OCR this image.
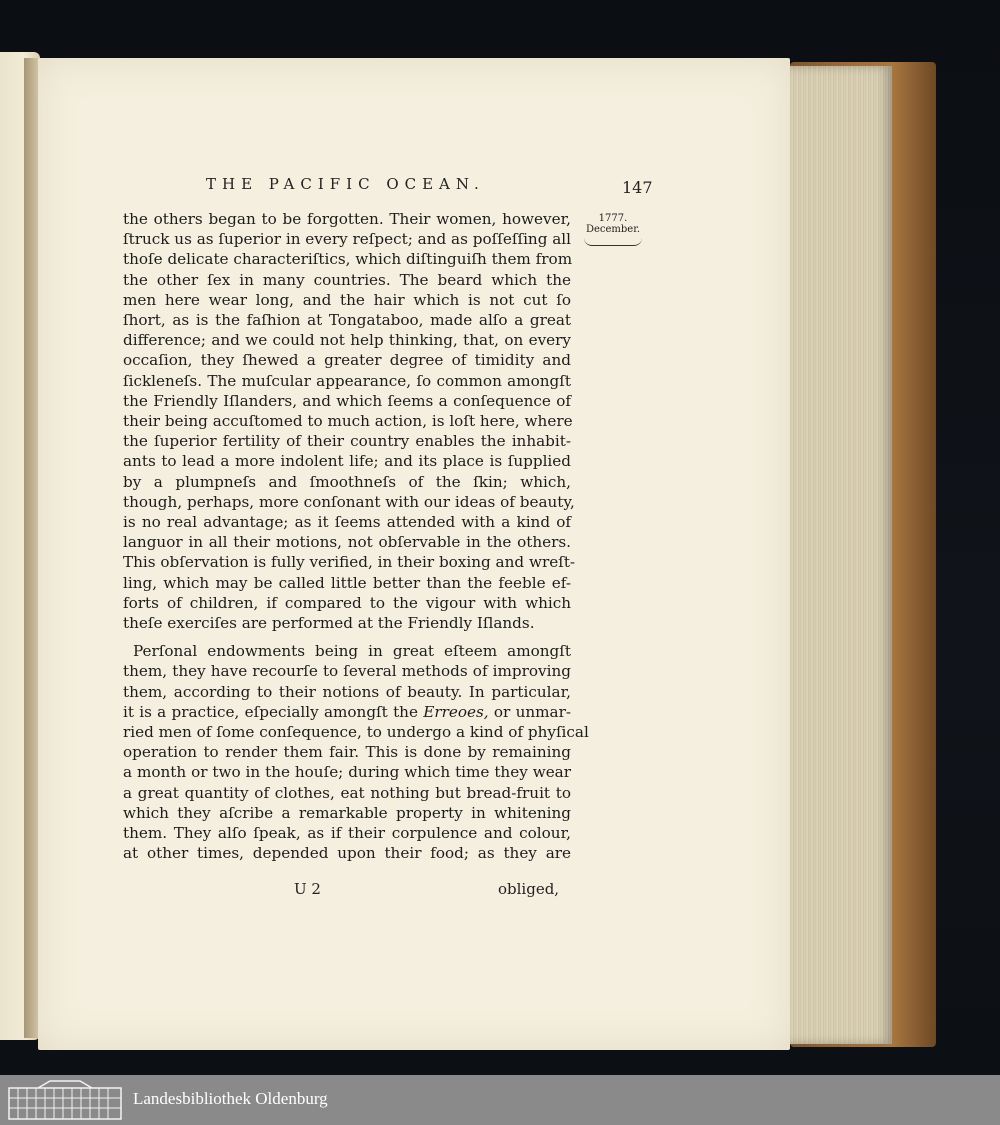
THE PACIFIC OCEAN.	147
1777.
December.
the others began to be forgotten. Their women, however,
ſtruck us as ſuperior in every reſpect; and as poſſeſſing all
thoſe delicate characteriſtics, which diſtinguiſh them from
the other ſex in many countries. The beard which the
men here wear long, and the hair which is not cut ſo
ſhort, as is the faſhion at Tongataboo, made alſo a great
difference; and we could not help thinking, that, on every
occaſion, they ſhewed a greater degree of timidity and
ſickleneſs. The muſcular appearance, ſo common amongſt
the Friendly Iſlanders, and which ſeems a conſequence of
their being accuſtomed to much action, is loſt here, where
the ſuperior fertility of their country enables the inhabit-
ants to lead a more indolent life; and its place is ſupplied
by a plumpneſs and ſmoothneſs of the ſkin; which,
though, perhaps, more conſonant with our ideas of beauty,
is no real advantage; as it ſeems attended with a kind of
languor in all their motions, not obſervable in the others.
This obſervation is fully verified, in their boxing and wreſt-
ling, which may be called little better than the feeble ef-
forts of children, if compared to the vigour with which
theſe exerciſes are performed at the Friendly Iſlands.
Perſonal endowments being in great eſteem amongſt
them, they have recourſe to ſeveral methods of improving
them, according to their notions of beauty. In particular,
it is a practice, eſpecially amongſt the Erreoes, or unmar-
ried men of ſome conſequence, to undergo a kind of phyſical
operation to render them fair. This is done by remaining
a month or two in the houſe; during which time they wear
a great quantity of clothes, eat nothing but bread-fruit to
which they aſcribe a remarkable property in whitening
them. They alſo ſpeak, as if their corpulence and colour,
at other times, depended upon their food; as they are
U 2	obliged,
Landesbibliothek Oldenburg
